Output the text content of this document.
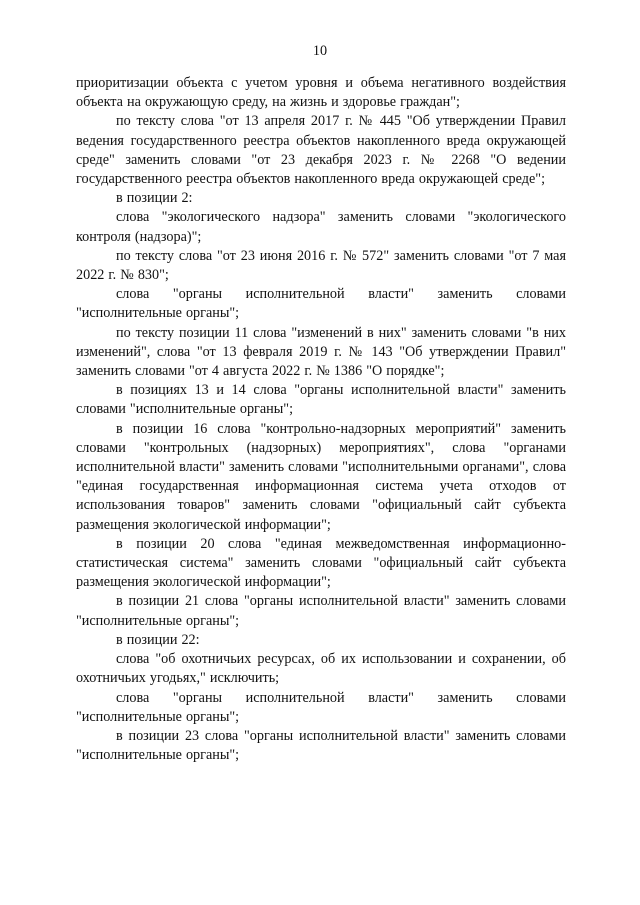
10

приоритизации объекта с учетом уровня и объема негативного воздействия объекта на окружающую среду, на жизнь и здоровье граждан";

по тексту слова "от 13 апреля 2017 г. № 445 "Об утверждении Правил ведения государственного реестра объектов накопленного вреда окружающей среде" заменить словами "от 23 декабря 2023 г. № 2268 "О ведении государственного реестра объектов накопленного вреда окружающей среде";

в позиции 2:

слова "экологического надзора" заменить словами "экологического контроля (надзора)";

по тексту слова "от 23 июня 2016 г. № 572" заменить словами "от 7 мая 2022 г. № 830";

слова "органы исполнительной власти" заменить словами "исполнительные органы";

по тексту позиции 11 слова "изменений в них" заменить словами "в них изменений", слова "от 13 февраля 2019 г. № 143 "Об утверждении Правил" заменить словами "от 4 августа 2022 г. № 1386 "О порядке";

в позициях 13 и 14 слова "органы исполнительной власти" заменить словами "исполнительные органы";

в позиции 16 слова "контрольно-надзорных мероприятий" заменить словами "контрольных (надзорных) мероприятиях", слова "органами исполнительной власти" заменить словами "исполнительными органами", слова "единая государственная информационная система учета отходов от использования товаров" заменить словами "официальный сайт субъекта размещения экологической информации";

в позиции 20 слова "единая межведомственная информационно-статистическая система" заменить словами "официальный сайт субъекта размещения экологической информации";

в позиции 21 слова "органы исполнительной власти" заменить словами "исполнительные органы";

в позиции 22:

слова "об охотничьих ресурсах, об их использовании и сохранении, об охотничьих угодьях," исключить;

слова "органы исполнительной власти" заменить словами "исполнительные органы";

в позиции 23 слова "органы исполнительной власти" заменить словами "исполнительные органы";
